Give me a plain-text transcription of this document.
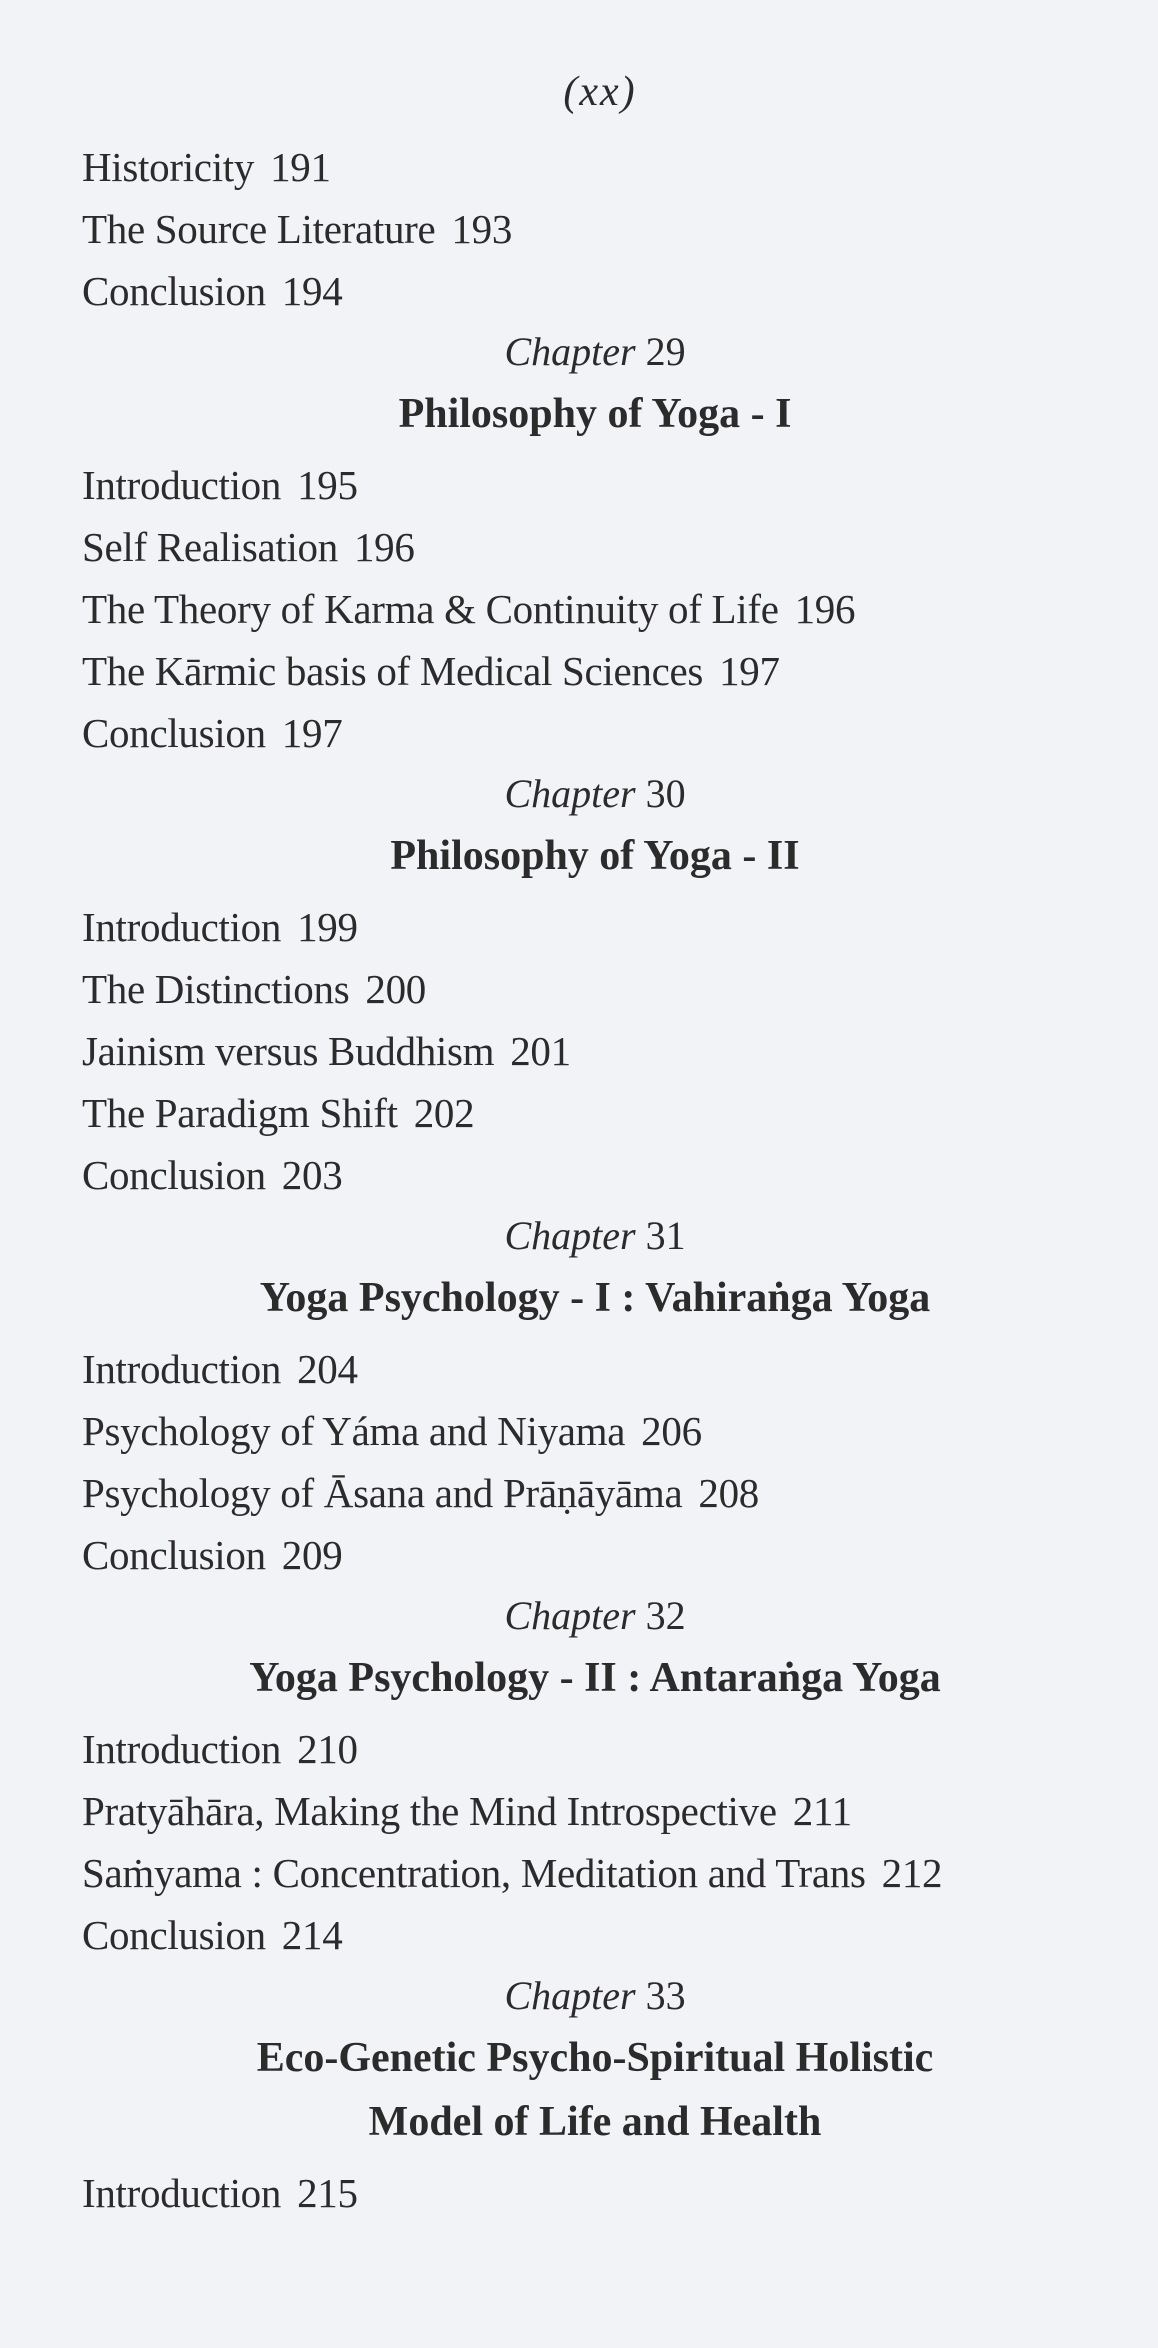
(xx)
Historicity 191
The Source Literature 193
Conclusion 194
Chapter 29
Philosophy of Yoga - I
Introduction 195
Self Realisation 196
The Theory of Karma & Continuity of Life 196
The Kārmic basis of Medical Sciences 197
Conclusion 197
Chapter 30
Philosophy of Yoga - II
Introduction 199
The Distinctions 200
Jainism versus Buddhism 201
The Paradigm Shift 202
Conclusion 203
Chapter 31
Yoga Psychology - I : Vahiraṅga Yoga
Introduction 204
Psychology of Yáma and Niyama 206
Psychology of Āsana and Prāṇāyāma 208
Conclusion 209
Chapter 32
Yoga Psychology - II : Antaraṅga Yoga
Introduction 210
Pratyāhāra, Making the Mind Introspective 211
Saṁyama : Concentration, Meditation and Trans 212
Conclusion 214
Chapter 33
Eco-Genetic Psycho-Spiritual Holistic
Model of Life and Health
Introduction 215
